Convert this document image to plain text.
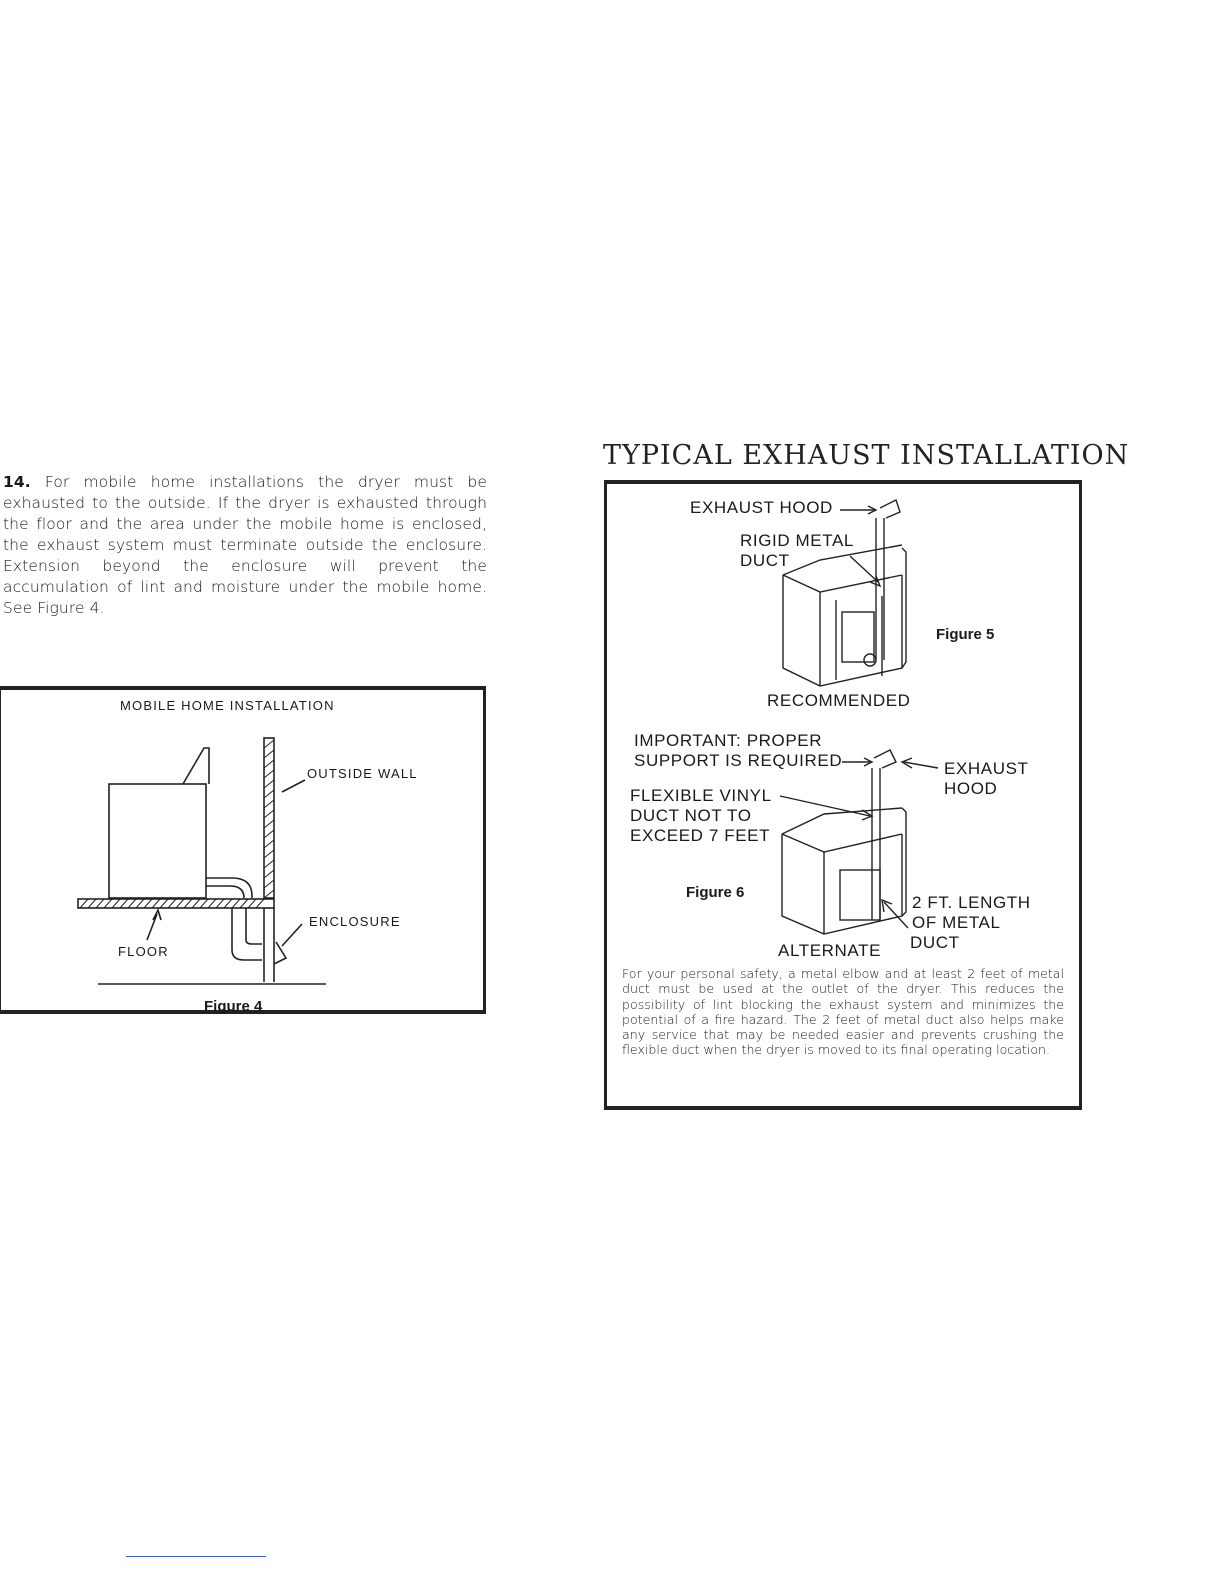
14. For mobile home installations the dryer must be exhausted to the outside. If the dryer is exhausted through the floor and the area under the mobile home is enclosed, the exhaust system must terminate outside the enclosure. Extension beyond the enclosure will prevent the accumulation of lint and moisture under the mobile home. See Figure 4.

MOBILE HOME INSTALLATION
OUTSIDE WALL
ENCLOSURE
FLOOR
Figure 4
TYPICAL EXHAUST INSTALLATION
EXHAUST HOOD
RIGID METAL
DUCT
Figure 5
RECOMMENDED
IMPORTANT: PROPER
SUPPORT IS REQUIRED	EXHAUST
HOOD
FLEXIBLE VINYL
DUCT NOT TO
EXCEED 7 FEET
Figure 6
2 FT. LENGTH
OF METAL
DUCT
ALTERNATE

For your personal safety, a metal elbow and at least 2 feet of metal duct must be used at the outlet of the dryer. This reduces the possibility of lint blocking the exhaust system and minimizes the potential of a fire hazard. The 2 feet of metal duct also helps make any service that may be needed easier and prevents crushing the flexible duct when the dryer is moved to its final operating location.
